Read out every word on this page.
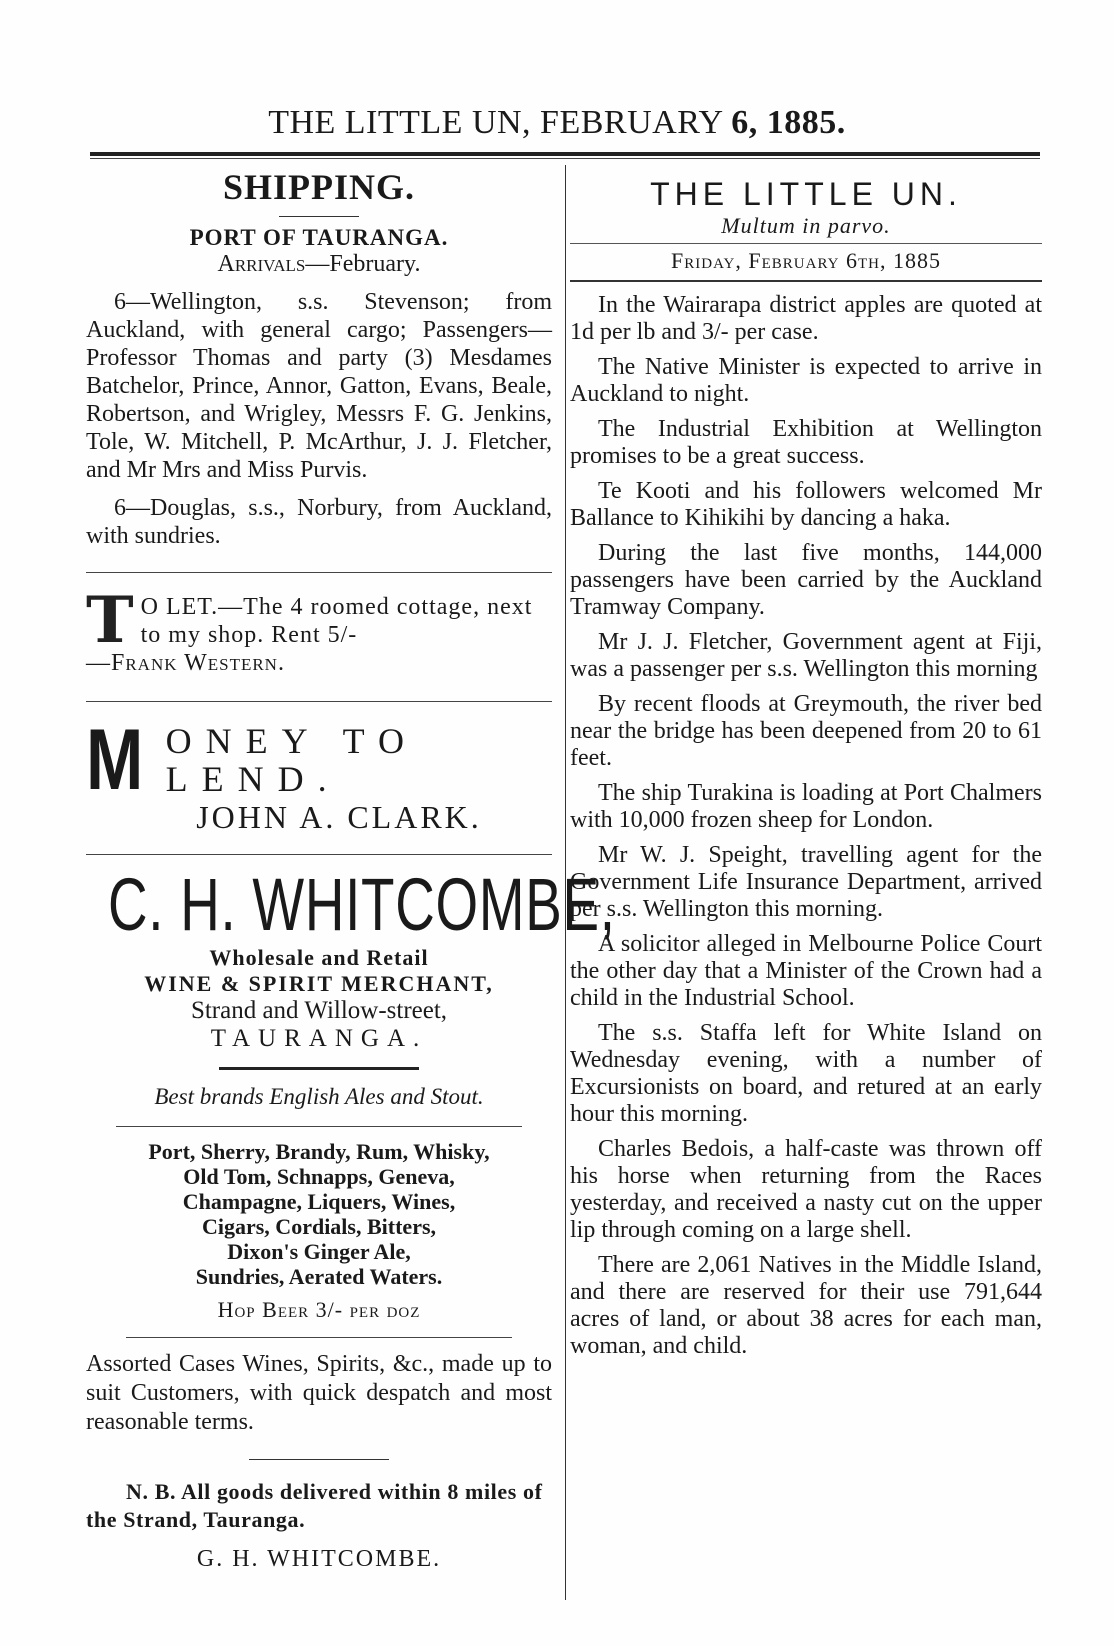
THE LITTLE UN, FEBRUARY 6, 1885.
SHIPPING.
PORT OF TAURANGA.
Arrivals—February.

6—Wellington, s.s. Stevenson; from Auckland, with general cargo; Passengers—Professor Thomas and party (3) Mesdames Batchelor, Prince, Annor, Gatton, Evans, Beale, Robertson, and Wrigley, Messrs F. G. Jenkins, Tole, W. Mitchell, P. McArthur, J. J. Fletcher, and Mr Mrs and Miss Purvis.

6—Douglas, s.s., Norbury, from Auckland, with sundries.

T O LET.—The 4 roomed cottage, next to my shop. Rent 5/-
—Frank Western.
M ONEY TO LEND.
JOHN A. CLARK.
C. H. WHITCOMBE,
Wholesale and Retail
WINE & SPIRIT MERCHANT,
Strand and Willow-street,
TAURANGA.
Best brands English Ales and Stout.
Port, Sherry, Brandy, Rum, Whisky,
Old Tom, Schnapps, Geneva,
Champagne, Liquers, Wines,
Cigars, Cordials, Bitters,
Dixon's Ginger Ale,
Sundries, Aerated Waters.
Hop Beer 3/- per doz

Assorted Cases Wines, Spirits, &c., made up to suit Customers, with quick despatch and most reasonable terms.

N. B. All goods delivered within 8 miles of the Strand, Tauranga.

G. H. WHITCOMBE.
THE LITTLE UN.
Multum in parvo.
Friday, February 6th, 1885

In the Wairarapa district apples are quoted at 1d per lb and 3/- per case.

The Native Minister is expected to arrive in Auckland to night.

The Industrial Exhibition at Wellington promises to be a great success.

Te Kooti and his followers welcomed Mr Ballance to Kihikihi by dancing a haka.

During the last five months, 144,000 passengers have been carried by the Auckland Tramway Company.

Mr J. J. Fletcher, Government agent at Fiji, was a passenger per s.s. Wellington this morning

By recent floods at Greymouth, the river bed near the bridge has been deepened from 20 to 61 feet.

The ship Turakina is loading at Port Chalmers with 10,000 frozen sheep for London.

Mr W. J. Speight, travelling agent for the Government Life Insurance Department, arrived per s.s. Wellington this morning.

A solicitor alleged in Melbourne Police Court the other day that a Minister of the Crown had a child in the Industrial School.

The s.s. Staffa left for White Island on Wednesday evening, with a number of Excursionists on board, and retured at an early hour this morning.

Charles Bedois, a half-caste was thrown off his horse when returning from the Races yesterday, and received a nasty cut on the upper lip through coming on a large shell.

There are 2,061 Natives in the Middle Island, and there are reserved for their use 791,644 acres of land, or about 38 acres for each man, woman, and child.
